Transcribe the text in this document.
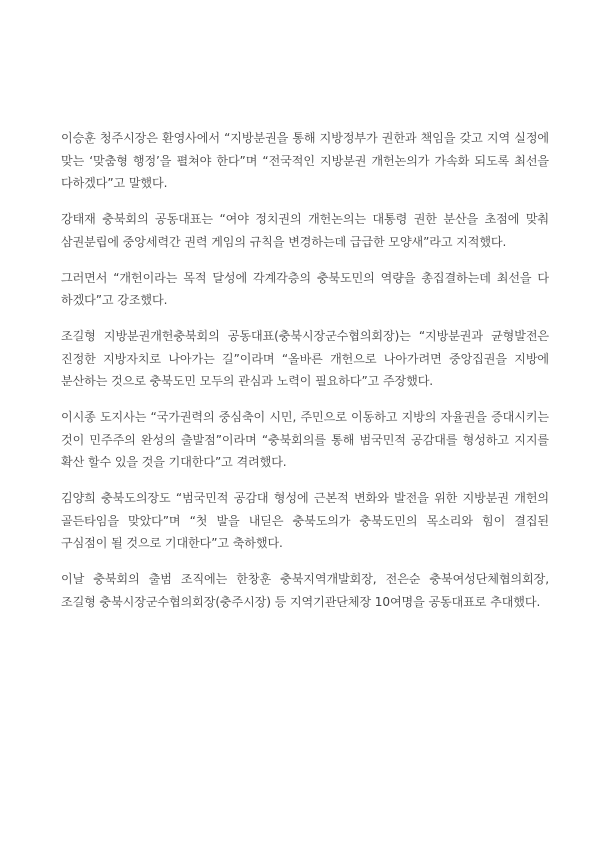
이승훈 청주시장은 환영사에서 “지방분권을 통해 지방정부가 권한과 책임을 갖고 지역 실정에 맞는 ‘맞춤형 행정’을 펼쳐야 한다”며 “전국적인 지방분권 개헌논의가 가속화 되도록 최선을 다하겠다”고 말했다.

강태재 충북회의 공동대표는 “여야 정치권의 개헌논의는 대통령 권한 분산을 초점에 맞춰 삼권분립에 중앙세력간 권력 게임의 규칙을 변경하는데 급급한 모양새”라고 지적했다.

그러면서 “개헌이라는 목적 달성에 각계각층의 충북도민의 역량을 총집결하는데 최선을 다 하겠다”고 강조했다.

조길형 지방분권개헌충북회의 공동대표(충북시장군수협의회장)는 “지방분권과 균형발전은 진정한 지방자치로 나아가는 길”이라며 “올바른 개헌으로 나아가려면 중앙집권을 지방에 분산하는 것으로 충북도민 모두의 관심과 노력이 필요하다”고 주장했다.

이시종 도지사는 “국가권력의 중심축이 시민, 주민으로 이동하고 지방의 자율권을 증대시키는 것이 민주주의 완성의 출발점”이라며 “충북회의를 통해 범국민적 공감대를 형성하고 지지를 확산 할수 있을 것을 기대한다”고 격려했다.

김양희 충북도의장도 “범국민적 공감대 형성에 근본적 변화와 발전을 위한 지방분권 개헌의 골든타임을 맞았다”며 “첫 발을 내딛은 충북도의가 충북도민의 목소리와 힘이 결집된 구심점이 될 것으로 기대한다”고 축하했다.

이날 충북회의 출범 조직에는 한창훈 충북지역개발회장, 전은순 충북여성단체협의회장, 조길형 충북시장군수협의회장(충주시장) 등 지역기관단체장 10여명을 공동대표로 추대했다.
